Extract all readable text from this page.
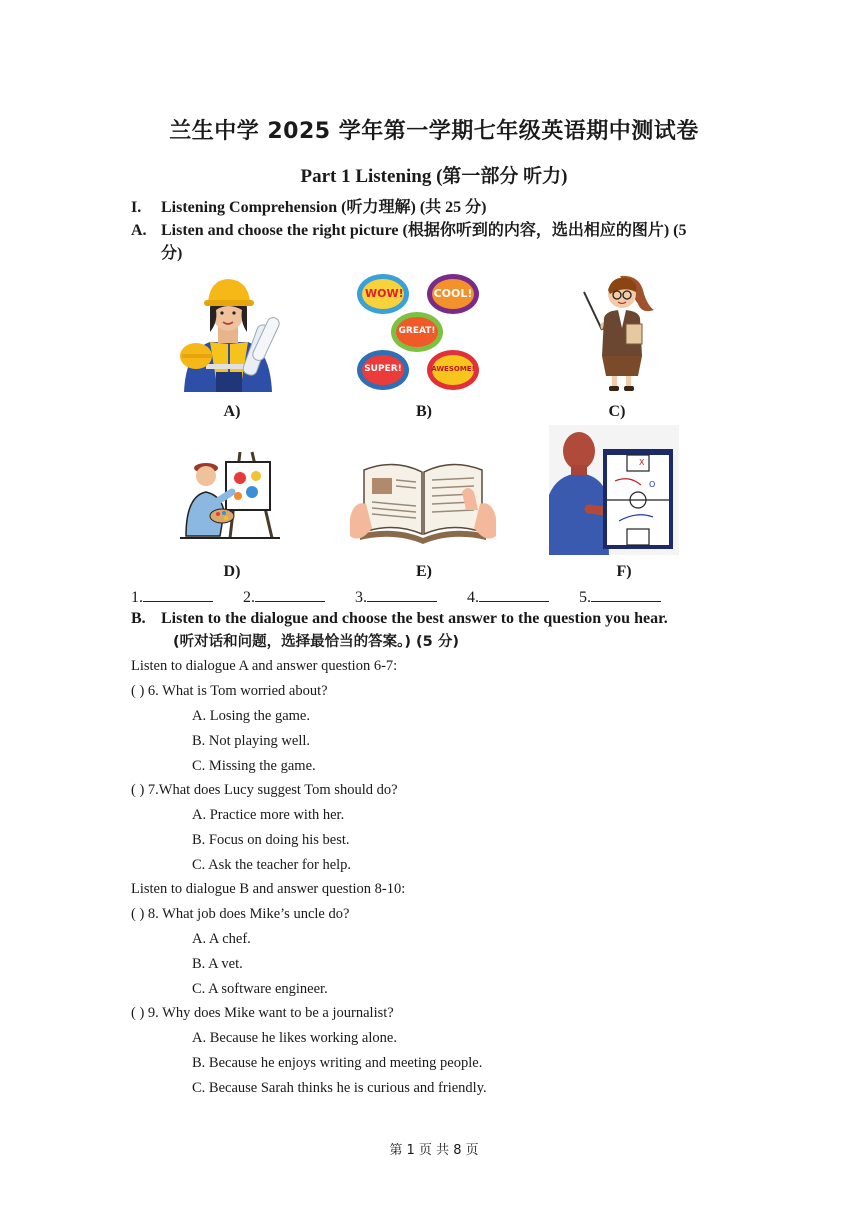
兰生中学 2025 学年第一学期七年级英语期中测试卷
Part 1 Listening (第一部分 听力)
I. Listening Comprehension (听力理解) (共 25 分)
A. Listen and choose the right picture (根据你听到的内容，选出相应的图片) (5
分)
WOW!	COOL!
GREAT!
SUPER!	AWESOME!
A)	B)	C)
X
O
D)	E)	F)
1.	2.	3.	4.	5.
B. Listen to the dialogue and choose the best answer to the question you hear.
(听对话和问题，选择最恰当的答案。) (5 分)
Listen to dialogue A and answer question 6-7:
( ) 6. What is Tom worried about?
A. Losing the game.
B. Not playing well.
C. Missing the game.
( ) 7.What does Lucy suggest Tom should do?
A. Practice more with her.
B. Focus on doing his best.
C. Ask the teacher for help.
Listen to dialogue B and answer question 8-10:
( ) 8. What job does Mike’s uncle do?
A. A chef.
B. A vet.
C. A software engineer.
( ) 9. Why does Mike want to be a journalist?
A. Because he likes working alone.
B. Because he enjoys writing and meeting people.
C. Because Sarah thinks he is curious and friendly.
第 1 页 共 8 页
